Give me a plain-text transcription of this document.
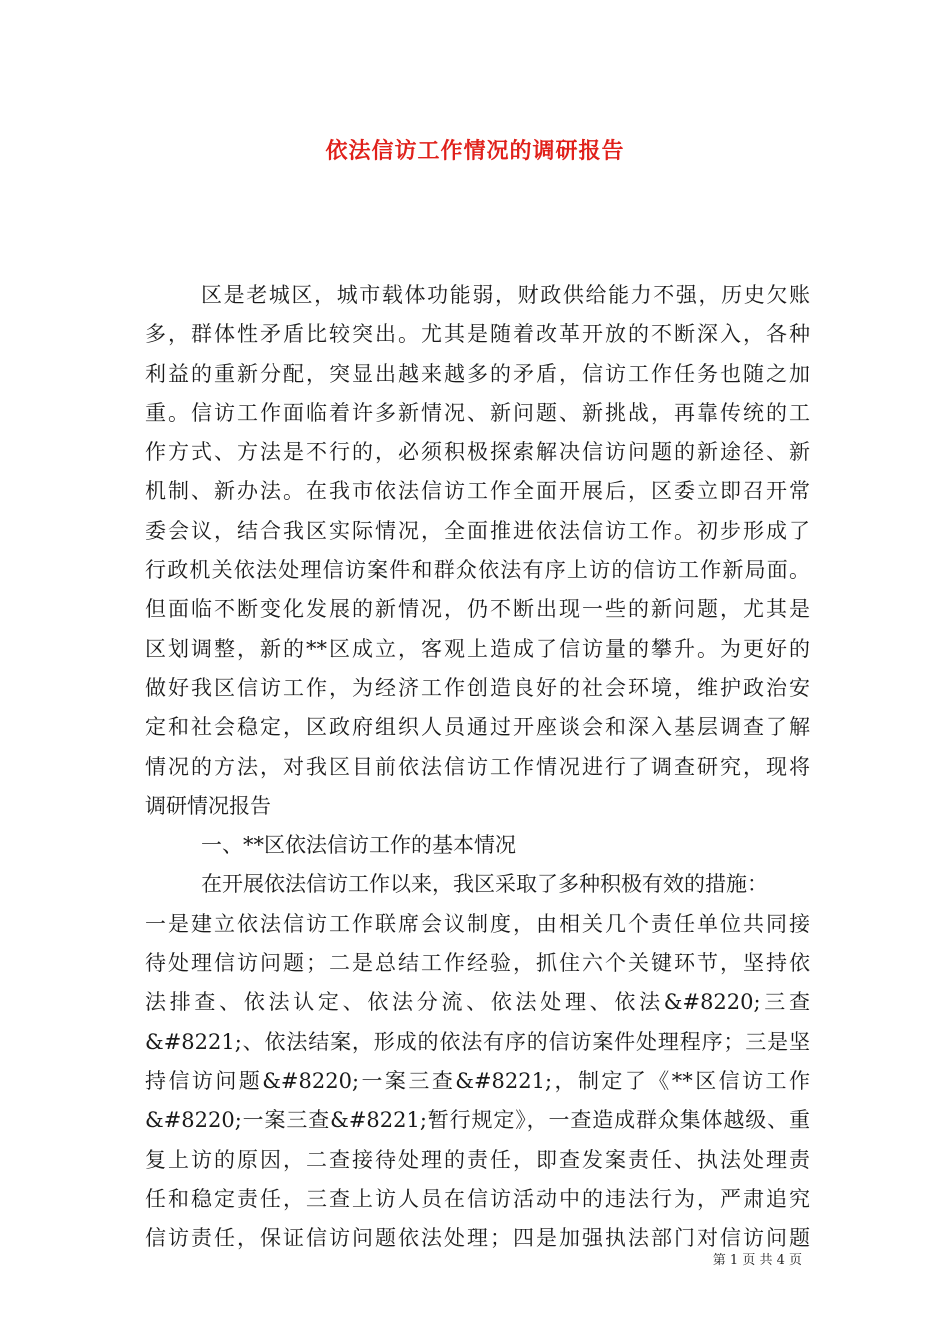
依法信访工作情况的调研报告
区是老城区，城市载体功能弱，财政供给能力不强，历史欠账
多，群体性矛盾比较突出。尤其是随着改革开放的不断深入，各种
利益的重新分配，突显出越来越多的矛盾，信访工作任务也随之加
重。信访工作面临着许多新情况、新问题、新挑战，再靠传统的工
作方式、方法是不行的，必须积极探索解决信访问题的新途径、新
机制、新办法。在我市依法信访工作全面开展后，区委立即召开常
委会议，结合我区实际情况，全面推进依法信访工作。初步形成了
行政机关依法处理信访案件和群众依法有序上访的信访工作新局面。
但面临不断变化发展的新情况，仍不断出现一些的新问题，尤其是
区划调整，新的**区成立，客观上造成了信访量的攀升。为更好的
做好我区信访工作，为经济工作创造良好的社会环境，维护政治安
定和社会稳定，区政府组织人员通过开座谈会和深入基层调查了解
情况的方法，对我区目前依法信访工作情况进行了调查研究，现将
调研情况报告
一、**区依法信访工作的基本情况
在开展依法信访工作以来，我区采取了多种积极有效的措施：
一是建立依法信访工作联席会议制度，由相关几个责任单位共同接
待处理信访问题；二是总结工作经验，抓住六个关键环节，坚持依
法排查、依法认定、依法分流、依法处理、依法&#8220;三查
&#8221;、依法结案，形成的依法有序的信访案件处理程序；三是坚
持信访问题&#8220;一案三查&#8221;，制定了《**区信访工作
&#8220;一案三查&#8221;暂行规定》，一查造成群众集体越级、重
复上访的原因，二查接待处理的责任，即查发案责任、执法处理责
任和稳定责任，三查上访人员在信访活动中的违法行为，严肃追究
信访责任，保证信访问题依法处理；四是加强执法部门对信访问题
第 1 页 共 4 页
